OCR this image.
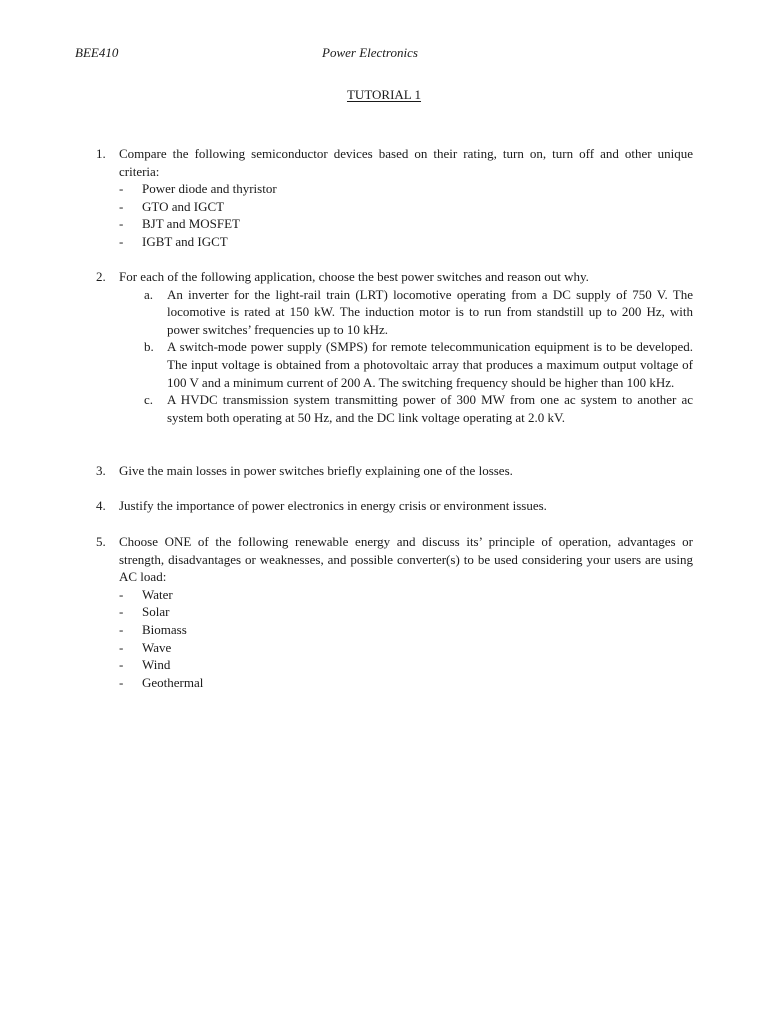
BEE410	Power Electronics
TUTORIAL 1
1.	Compare the following semiconductor devices based on their rating, turn on, turn off and other unique criteria:
- Power diode and thyristor
- GTO and IGCT
- BJT and MOSFET
- IGBT and IGCT
2.	For each of the following application, choose the best power switches and reason out why.
a. An inverter for the light-rail train (LRT) locomotive operating from a DC supply of 750 V. The locomotive is rated at 150 kW. The induction motor is to run from standstill up to 200 Hz, with power switches’ frequencies up to 10 kHz.
b. A switch-mode power supply (SMPS) for remote telecommunication equipment is to be developed. The input voltage is obtained from a photovoltaic array that produces a maximum output voltage of 100 V and a minimum current of 200 A. The switching frequency should be higher than 100 kHz.
c. A HVDC transmission system transmitting power of 300 MW from one ac system to another ac system both operating at 50 Hz, and the DC link voltage operating at 2.0 kV.
3.	Give the main losses in power switches briefly explaining one of the losses.
4.	Justify the importance of power electronics in energy crisis or environment issues.
5.	Choose ONE of the following renewable energy and discuss its’ principle of operation, advantages or strength, disadvantages or weaknesses, and possible converter(s) to be used considering your users are using AC load:
- Water
- Solar
- Biomass
- Wave
- Wind
- Geothermal
